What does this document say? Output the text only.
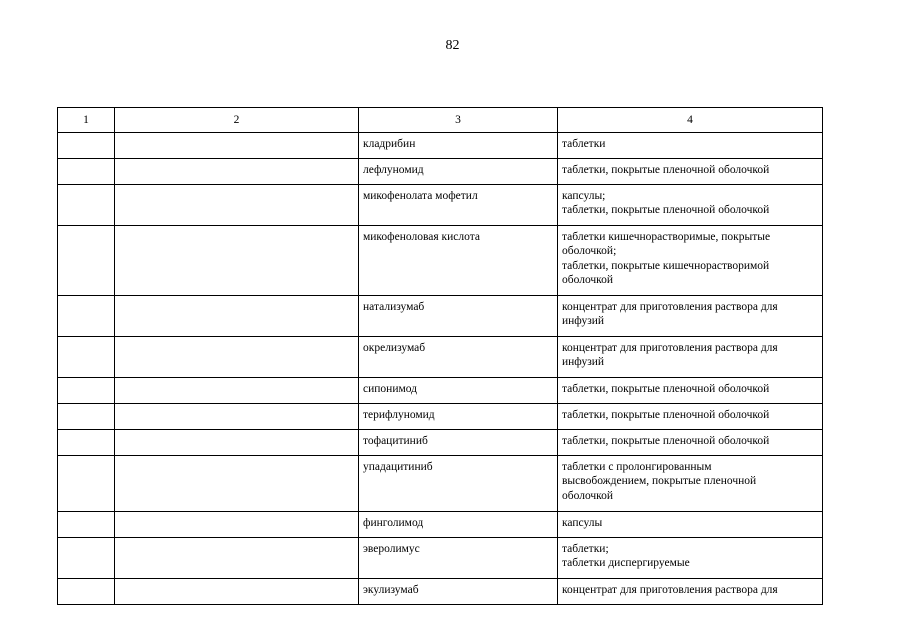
82
1	2	3	4
		кладрибин	таблетки
		лефлуномид	таблетки, покрытые пленочной оболочкой
		микофенолата мофетил	капсулы;
таблетки, покрытые пленочной оболочкой
		микофеноловая кислота	таблетки кишечнорастворимые, покрытые
оболочкой;
таблетки, покрытые кишечнорастворимой
оболочкой
		натализумаб	концентрат для приготовления раствора для
инфузий
		окрелизумаб	концентрат для приготовления раствора для
инфузий
		сипонимод	таблетки, покрытые пленочной оболочкой
		терифлуномид	таблетки, покрытые пленочной оболочкой
		тофацитиниб	таблетки, покрытые пленочной оболочкой
		упадацитиниб	таблетки с пролонгированным
высвобождением, покрытые пленочной
оболочкой
		финголимод	капсулы
		эверолимус	таблетки;
таблетки диспергируемые
		экулизумаб	концентрат для приготовления раствора для
